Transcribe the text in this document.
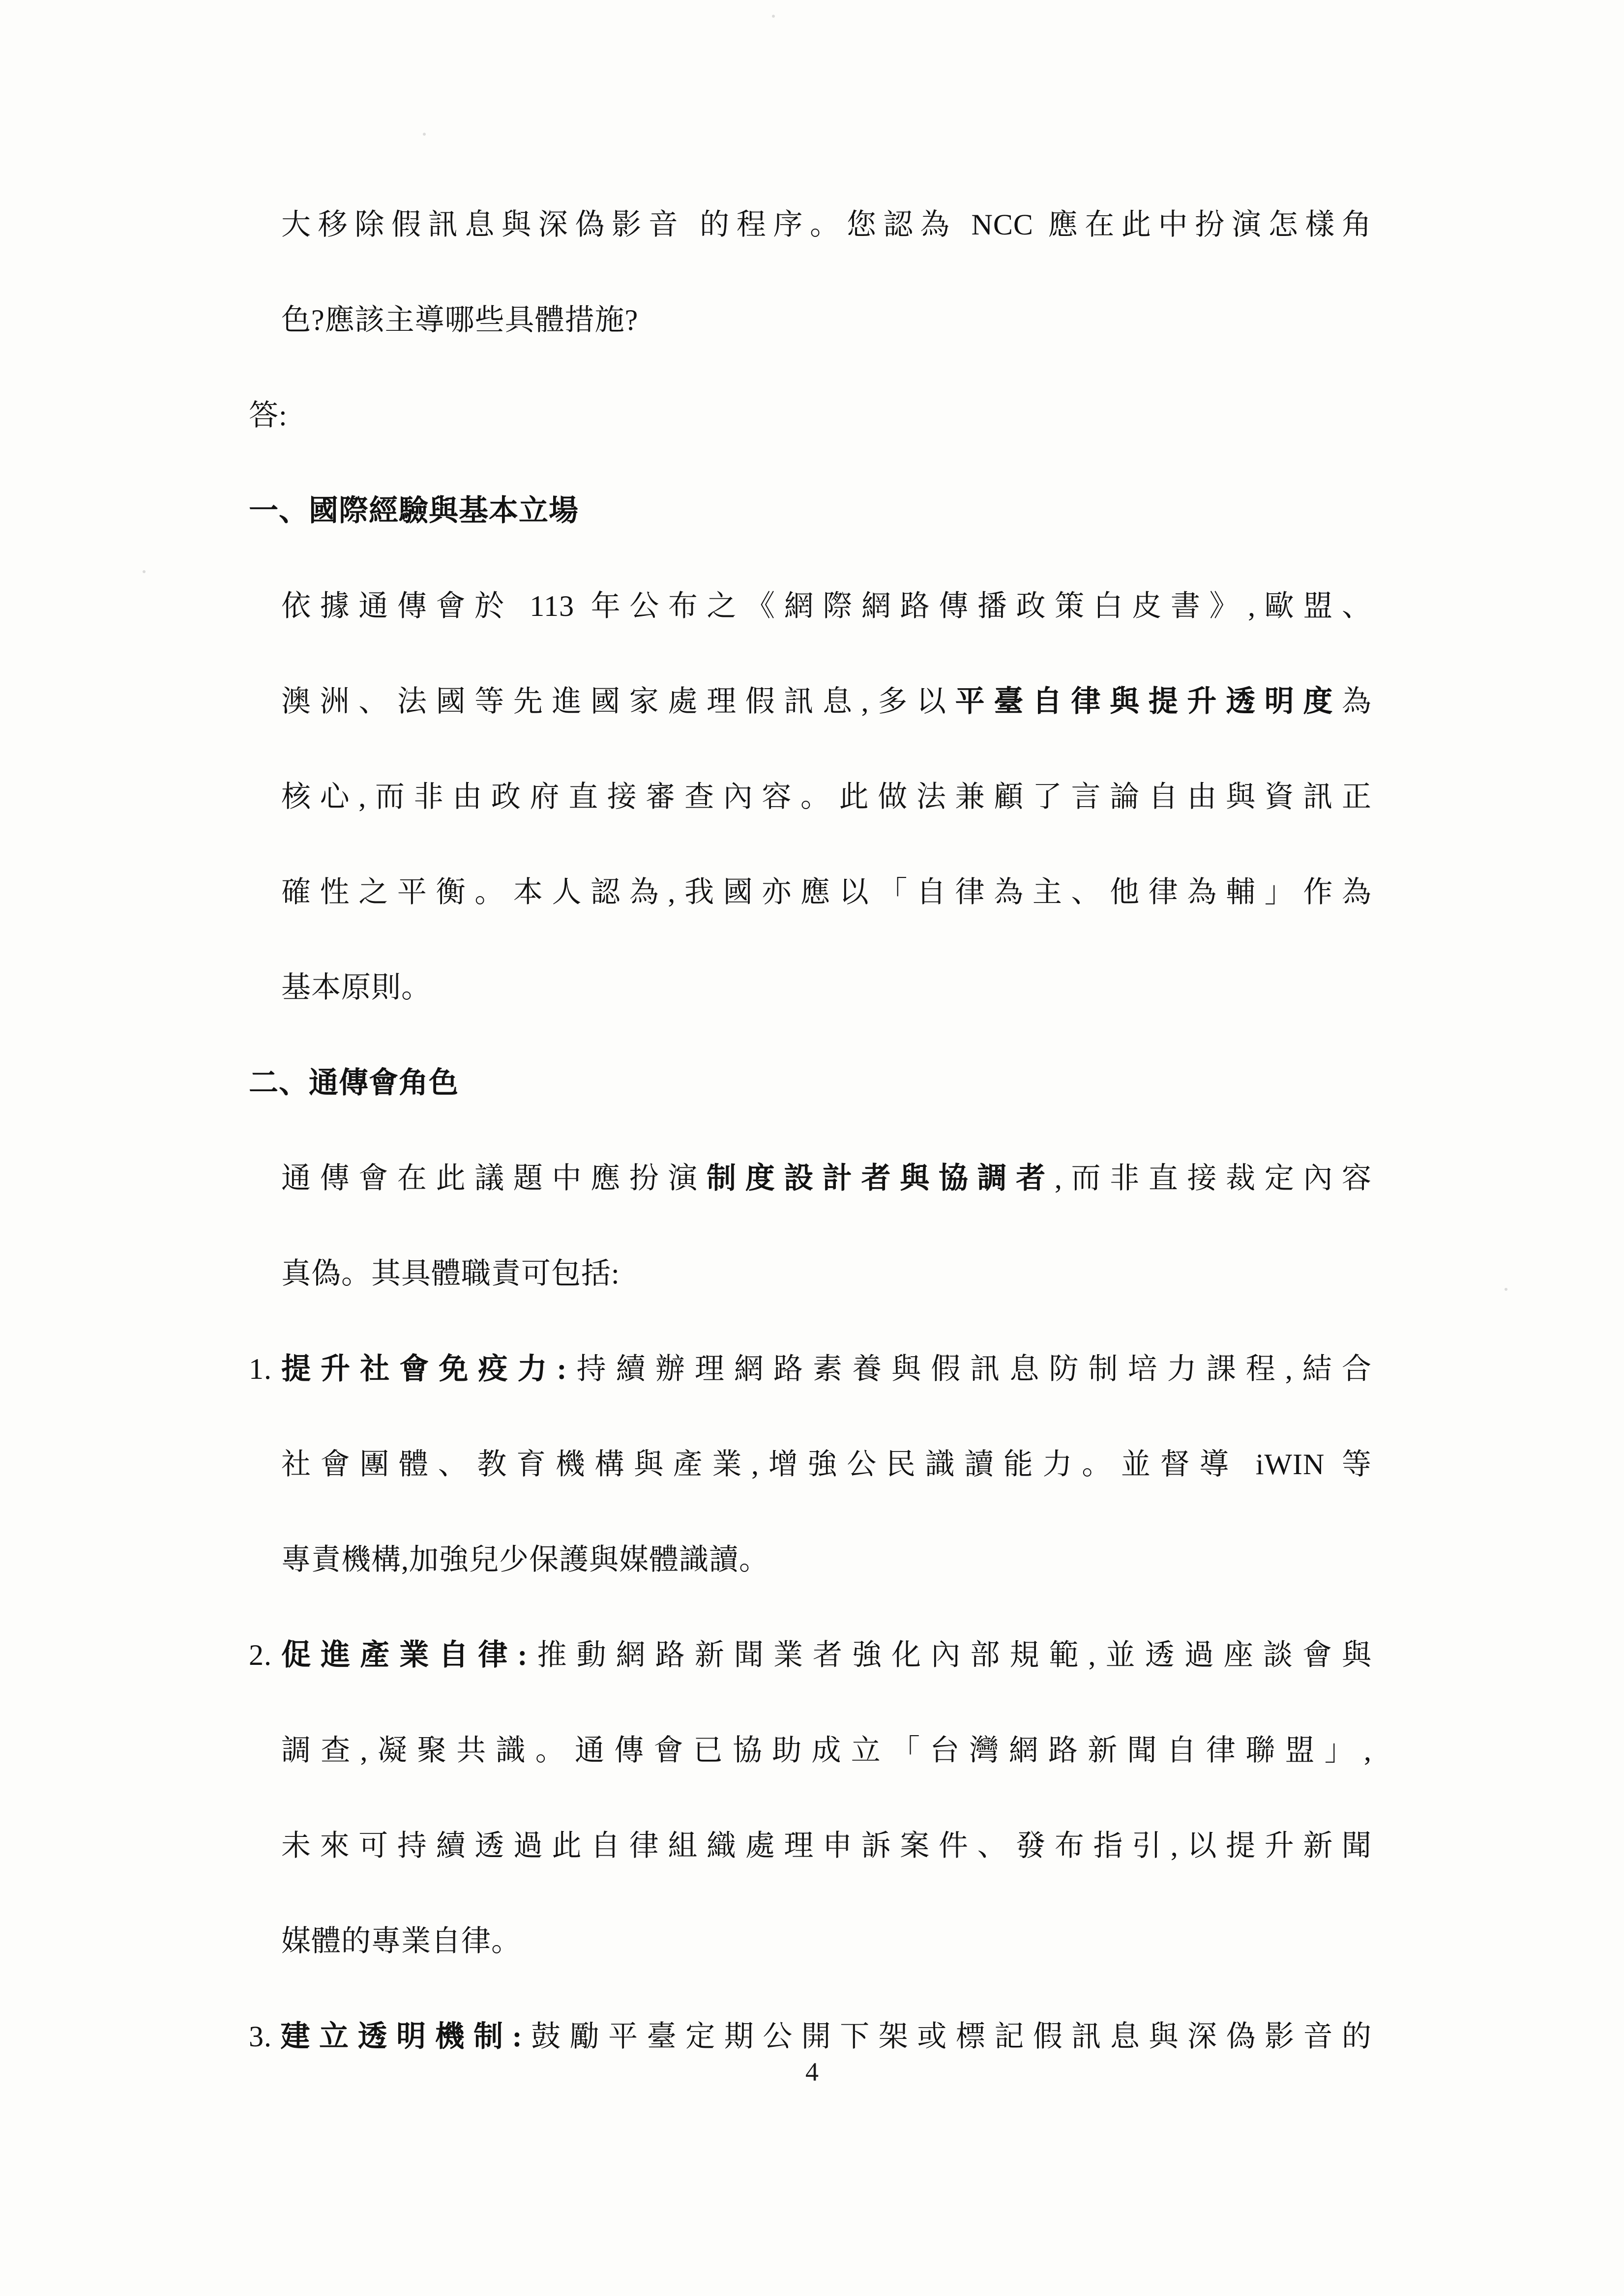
大移除假訊息與深偽影音 的程序。您認為 NCC 應在此中扮演怎樣角
色?應該主導哪些具體措施?
答:
一、國際經驗與基本立場
依據通傳會於 113 年公布之《網際網路傳播政策白皮書》,歐盟、
澳洲、法國等先進國家處理假訊息,多以平臺自律與提升透明度為
核心,而非由政府直接審查內容。此做法兼顧了言論自由與資訊正
確性之平衡。本人認為,我國亦應以「自律為主、他律為輔」作為
基本原則。
二、通傳會角色
通傳會在此議題中應扮演制度設計者與協調者,而非直接裁定內容
真偽。其具體職責可包括:
1.提升社會免疫力:持續辦理網路素養與假訊息防制培力課程,結合
社會團體、教育機構與產業,增強公民識讀能力。並督導 iWIN 等
專責機構,加強兒少保護與媒體識讀。
2.促進產業自律:推動網路新聞業者強化內部規範,並透過座談會與
調查,凝聚共識。通傳會已協助成立「台灣網路新聞自律聯盟」,
未來可持續透過此自律組織處理申訴案件、發布指引,以提升新聞
媒體的專業自律。
3.建立透明機制:鼓勵平臺定期公開下架或標記假訊息與深偽影音的
4
